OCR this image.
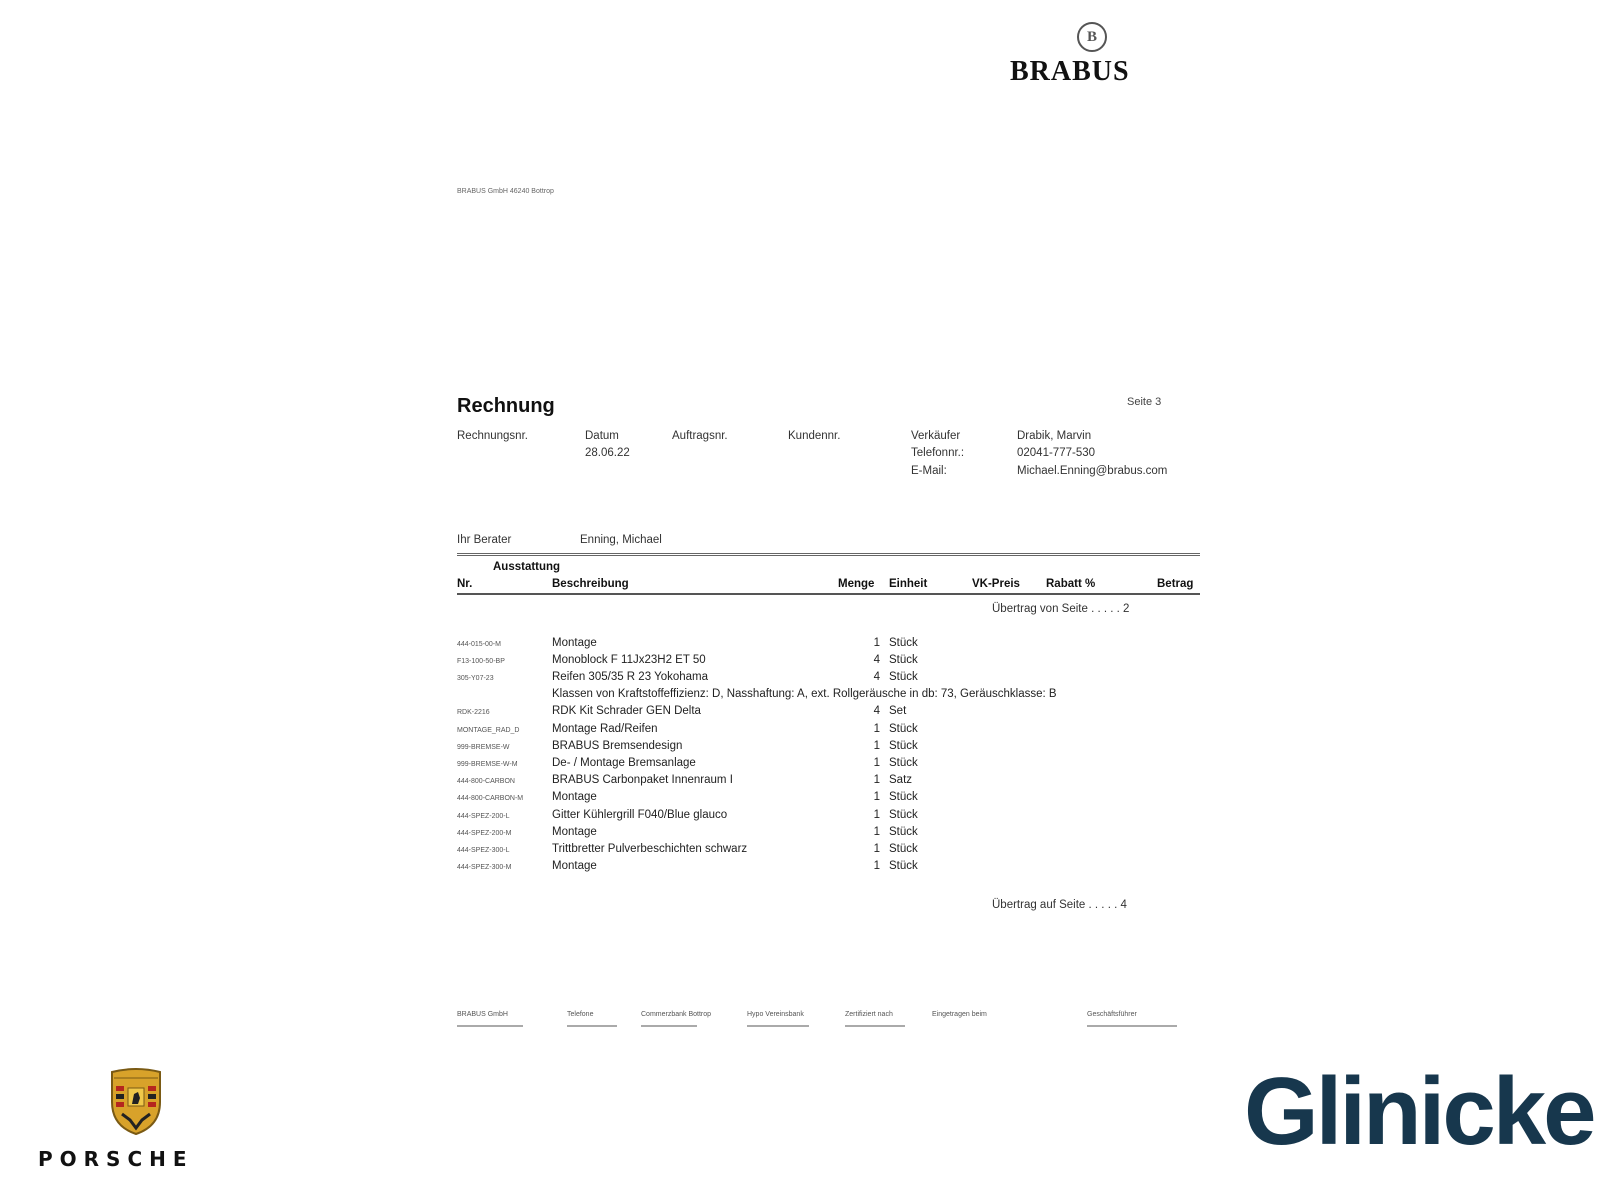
B
BRABUS
BRABUS GmbH 46240 Bottrop
Rechnung	Seite 3
Rechnungsnr.	Datum
28.06.22
Auftragsnr.	Kundennr.	Verkäufer	Drabik, Marvin
Telefonnr.:	02041-777-530
E-Mail:	Michael.Enning@brabus.com
Ihr Berater	Enning, Michael
Ausstattung
Nr.	Beschreibung	Menge Einheit	VK-Preis Rabatt %	Betrag
Übertrag von Seite . . . . . 2
444-015-00-M	Montage	1 Stück
F13-100-50-BP	Monoblock F 11Jx23H2 ET 50	4 Stück
305-Y07-23	Reifen 305/35 R 23 Yokohama	4 Stück
Klassen von Kraftstoffeffizienz: D, Nasshaftung: A, ext. Rollgeräusche in db: 73, Geräuschklasse: B
RDK-2216	RDK Kit Schrader GEN Delta	4 Set
MONTAGE_RAD_D	Montage Rad/Reifen	1 Stück
999-BREMSE-W	BRABUS Bremsendesign	1 Stück
999-BREMSE-W-M	De- / Montage Bremsanlage	1 Stück
444-800-CARBON	BRABUS Carbonpaket Innenraum I	1 Satz
444-800-CARBON-M	Montage	1 Stück
444-SPEZ-200-L	Gitter Kühlergrill F040/Blue glauco	1 Stück
444-SPEZ-200-M	Montage	1 Stück
444-SPEZ-300-L	Trittbretter Pulverbeschichten schwarz	1 Stück
444-SPEZ-300-M	Montage	1 Stück
Übertrag auf Seite . . . . . 4
BRABUS GmbH	Telefone	Commerzbank Bottrop	Hypo Vereinsbank	Zertifiziert nach	Eingetragen beim	Geschäftsführer
PORSCHE	Glinicke
